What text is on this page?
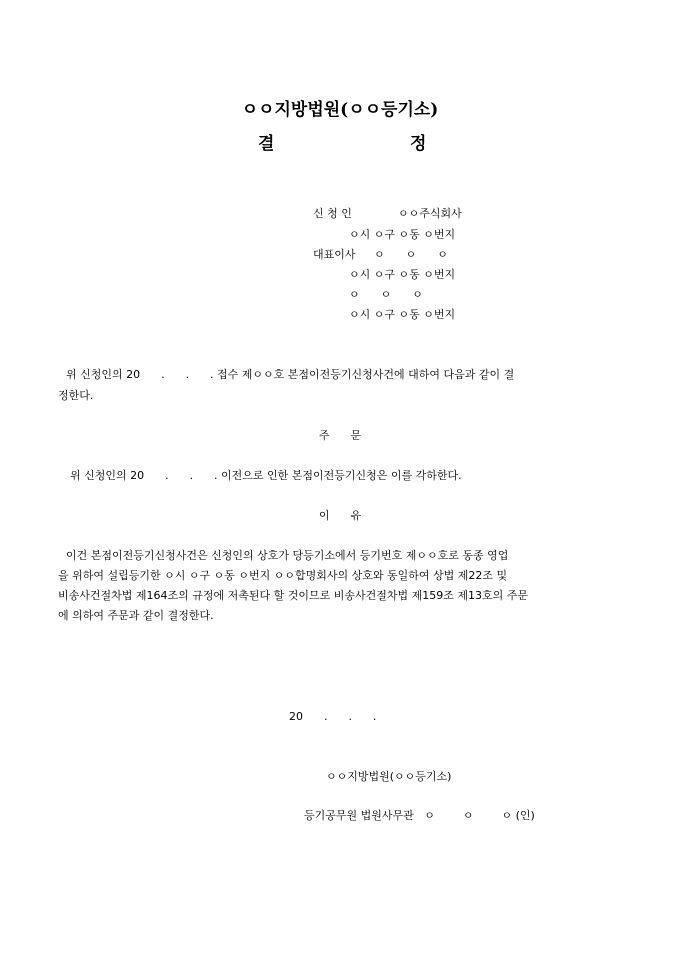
ㅇㅇ지방법원(ㅇㅇ등기소)
결	정
신 청 인	ㅇㅇ주식회사
ㅇ시 ㅇ구 ㅇ동 ㅇ번지
대표이사 ㅇ      ㅇ      ㅇ
ㅇ시 ㅇ구 ㅇ동 ㅇ번지
ㅇ      ㅇ      ㅇ
ㅇ시 ㅇ구 ㅇ동 ㅇ번지
위 신청인의 20      .      .      . 접수 제ㅇㅇ호 본점이전등기신청사건에 대하여 다음과 같이 결
정한다.
주      문
위 신청인의 20      .      .      . 이전으로 인한 본점이전등기신청은 이를 각하한다.
이      유
이건 본점이전등기신청사건은 신청인의 상호가 당등기소에서 등기번호 제ㅇㅇ호로 동종 영업
을 위하여 설립등기한 ㅇ시 ㅇ구 ㅇ동 ㅇ번지 ㅇㅇ합명회사의 상호와 동일하여 상법 제22조 및
비송사건절차법 제164조의 규정에 저촉된다 할 것이므로 비송사건절차법 제159조 제13호의 주문
에 의하여 주문과 같이 결정한다.
20      .      .      .
ㅇㅇ지방법원(ㅇㅇ등기소)
등기공무원 법원사무관   ㅇ        ㅇ        ㅇ (인)
